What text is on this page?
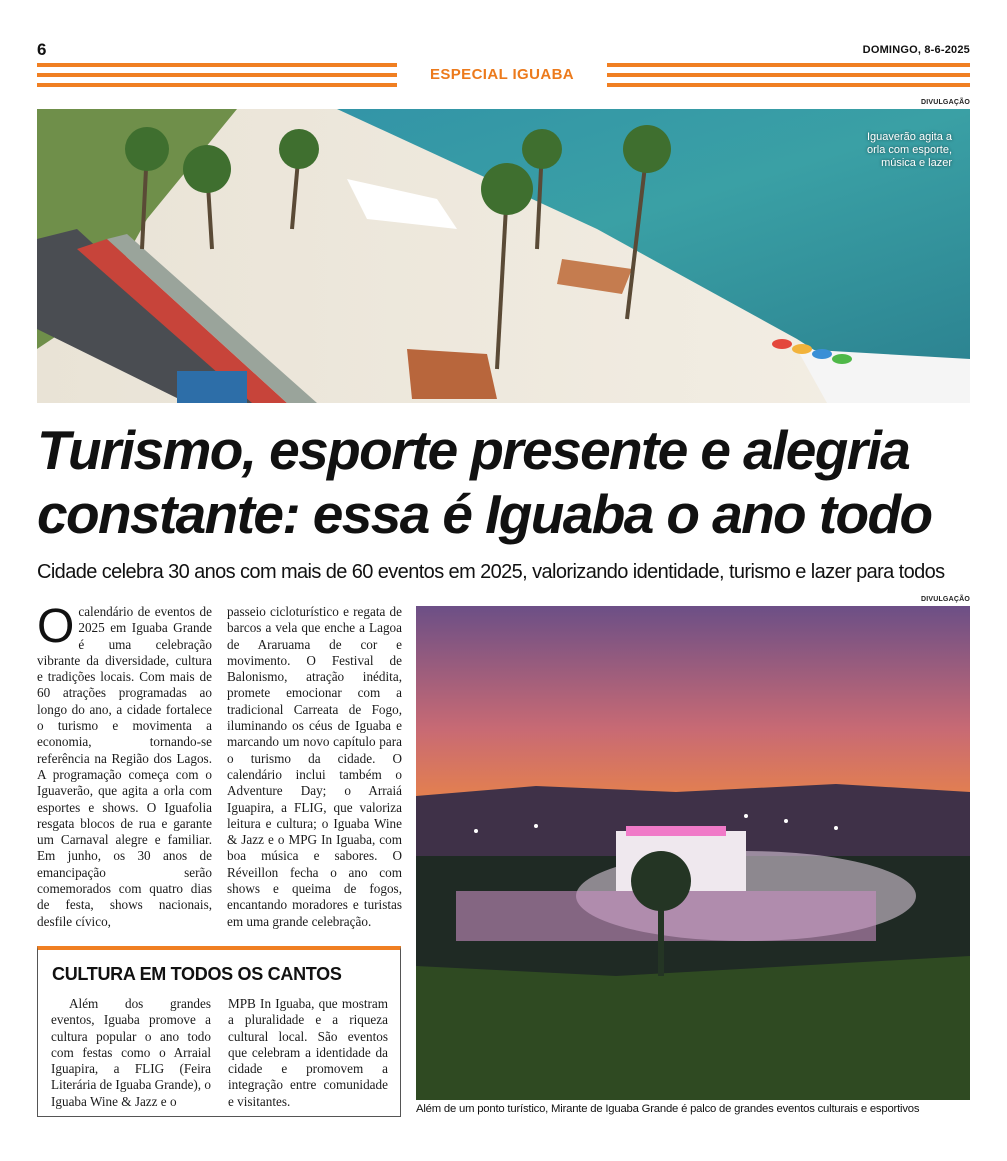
6	DOMINGO, 8-6-2025
ESPECIAL IGUABA
DIVULGAÇÃO
Iguaverão agita a orla com esporte, música e lazer
Turismo, esporte presente e alegria constante: essa é Iguaba o ano todo
Cidade celebra 30 anos com mais de 60 eventos em 2025, valorizando identidade, turismo e lazer para todos
Ocalendário de eventos de 2025 em Iguaba Grande é uma celebração vibrante da diversidade, cultura e tradições locais. Com mais de 60 atrações programadas ao longo do ano, a cidade fortalece o turismo e movimenta a economia, tornando-se referência na Região dos Lagos. A programação começa com o Iguaverão, que agita a orla com esportes e shows. O Iguafolia resgata blocos de rua e garante um Carnaval alegre e familiar. Em junho, os 30 anos de emancipação serão comemorados com quatro dias de festa, shows nacionais, desfile cívico,
passeio cicloturístico e regata de barcos a vela que enche a Lagoa de Araruama de cor e movimento. O Festival de Balonismo, atração inédita, promete emocionar com a tradicional Carreata de Fogo, iluminando os céus de Iguaba e marcando um novo capítulo para o turismo da cidade. O calendário inclui também o Adventure Day; o Arraiá Iguapira, a FLIG, que valoriza leitura e cultura; o Iguaba Wine & Jazz e o MPG In Iguaba, com boa música e sabores. O Réveillon fecha o ano com shows e queima de fogos, encantando moradores e turistas em uma grande celebração.
CULTURA EM TODOS OS CANTOS
Além dos grandes eventos, Iguaba promove a cultura popular o ano todo com festas como o Arraial Iguapira, a FLIG (Feira Literária de Iguaba Grande), o Iguaba Wine & Jazz e o
MPB In Iguaba, que mostram a pluralidade e a riqueza cultural local. São eventos que celebram a identidade da cidade e promovem a integração entre comunidade e visitantes.
DIVULGAÇÃO
Além de um ponto turístico, Mirante de Iguaba Grande é palco de grandes eventos culturais e esportivos
